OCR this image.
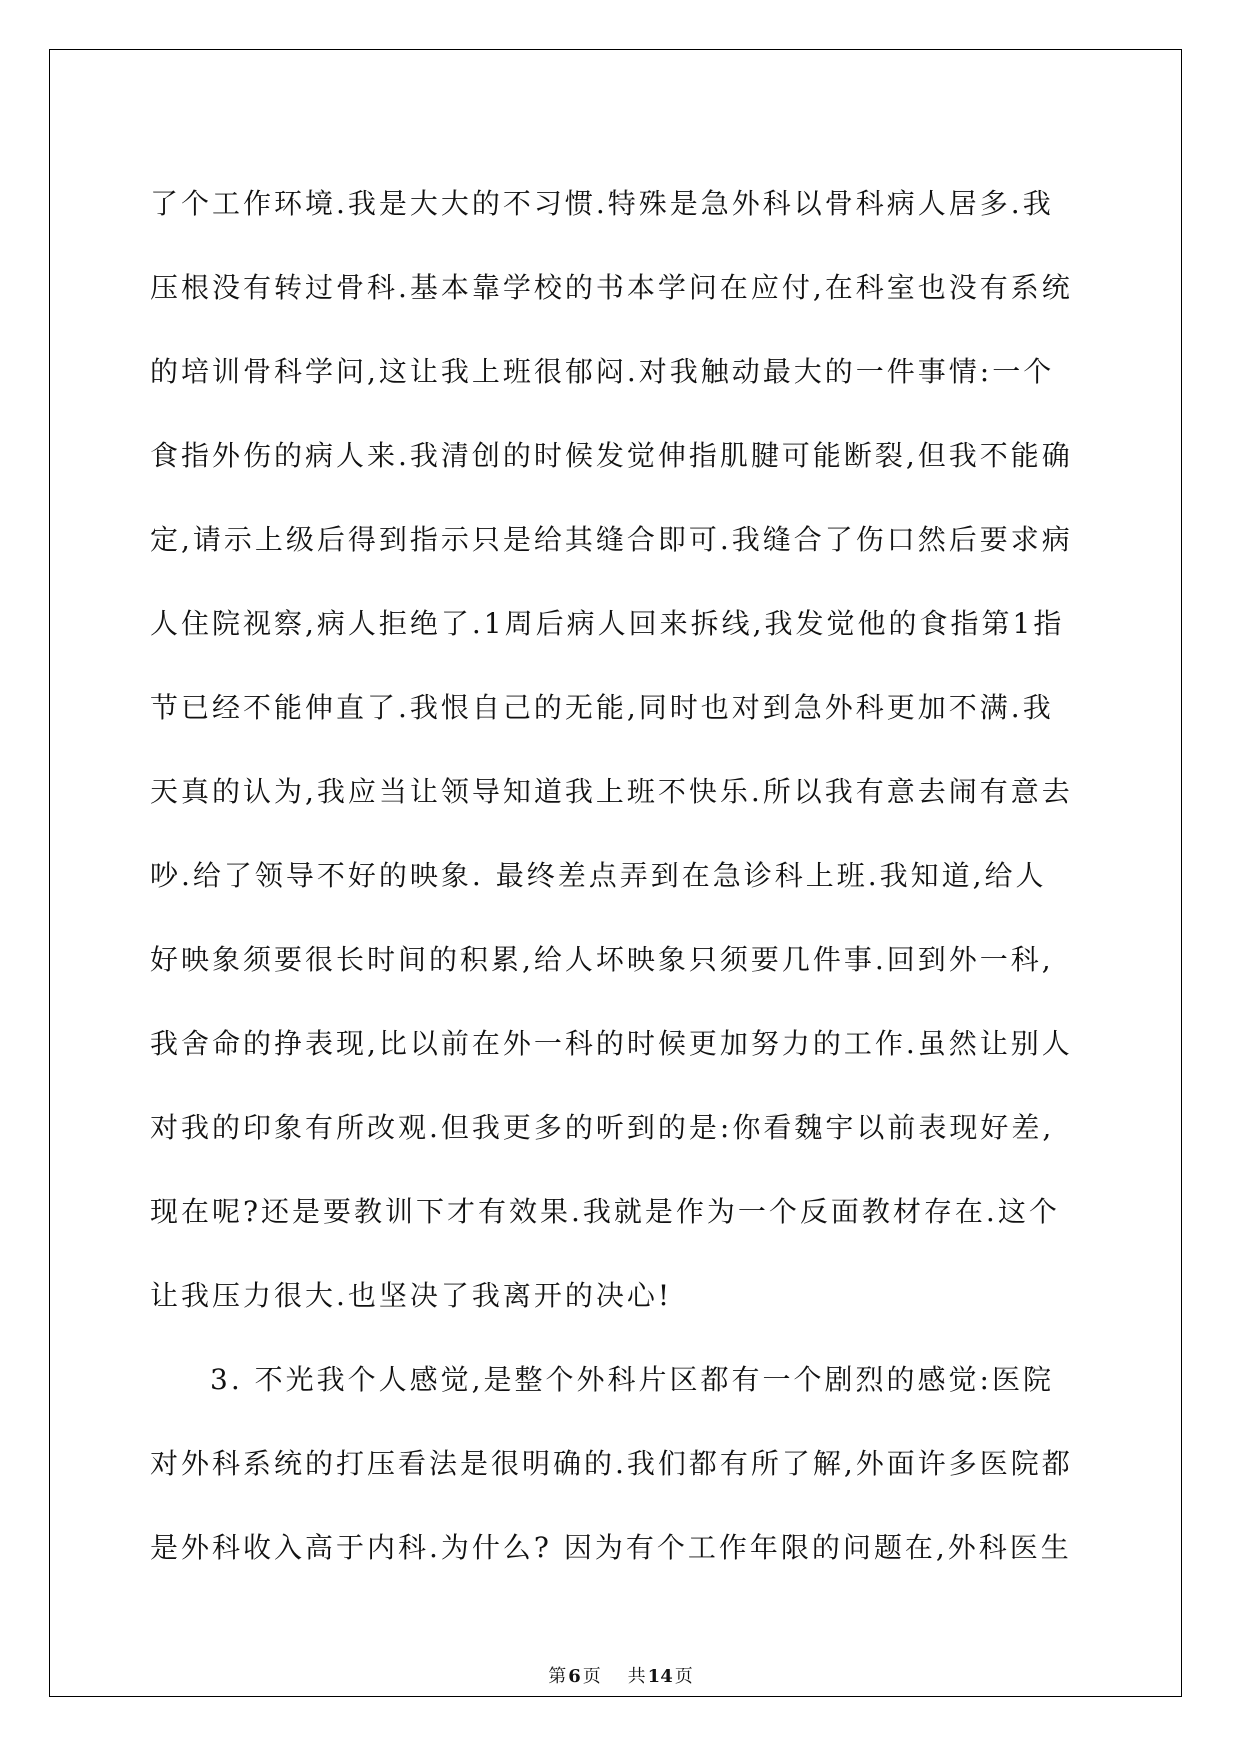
了个工作环境.我是大大的不习惯.特殊是急外科以骨科病人居多.我
压根没有转过骨科.基本靠学校的书本学问在应付,在科室也没有系统
的培训骨科学问,这让我上班很郁闷.对我触动最大的一件事情:一个
食指外伤的病人来.我清创的时候发觉伸指肌腱可能断裂,但我不能确
定,请示上级后得到指示只是给其缝合即可.我缝合了伤口然后要求病
人住院视察,病人拒绝了.1周后病人回来拆线,我发觉他的食指第1指
节已经不能伸直了.我恨自己的无能,同时也对到急外科更加不满.我
天真的认为,我应当让领导知道我上班不快乐.所以我有意去闹有意去
吵.给了领导不好的映象. 最终差点弄到在急诊科上班.我知道,给人
好映象须要很长时间的积累,给人坏映象只须要几件事.回到外一科,
我舍命的挣表现,比以前在外一科的时候更加努力的工作.虽然让别人
对我的印象有所改观.但我更多的听到的是:你看魏宇以前表现好差,
现在呢?还是要教训下才有效果.我就是作为一个反面教材存在.这个
让我压力很大.也坚决了我离开的决心!
3. 不光我个人感觉,是整个外科片区都有一个剧烈的感觉:医院
对外科系统的打压看法是很明确的.我们都有所了解,外面许多医院都
是外科收入高于内科.为什么? 因为有个工作年限的问题在,外科医生
第 6 页 共 14 页
